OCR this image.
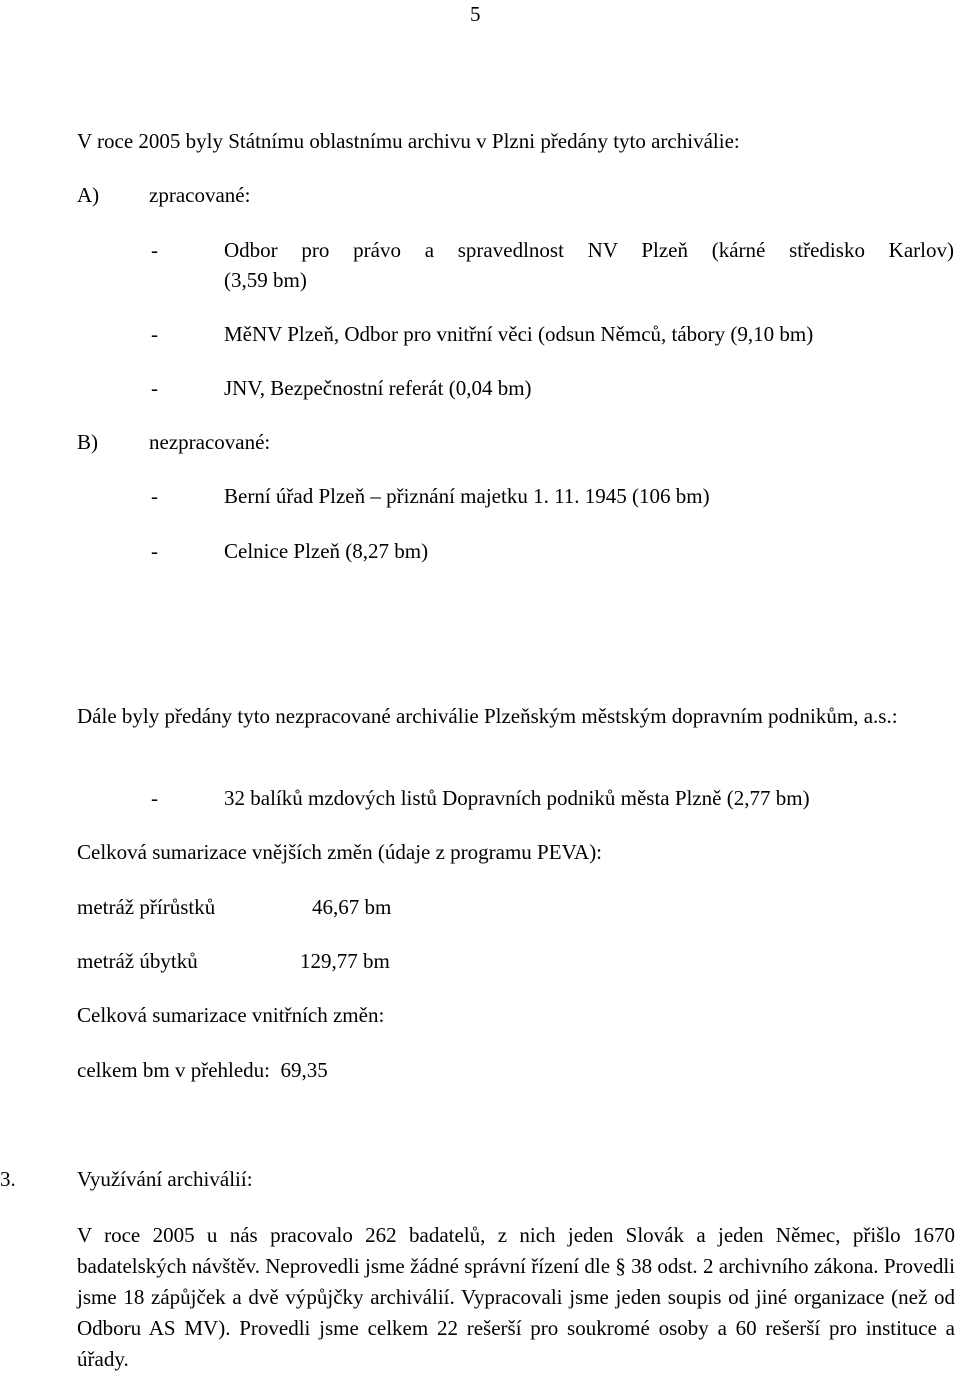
5
V roce 2005 byly Státnímu oblastnímu archivu v Plzni předány tyto archiválie:
A) zpracované:
-	Odbor pro právo a spravedlnost NV Plzeň (kárné středisko Karlov)
(3,59 bm)
-	MěNV Plzeň, Odbor pro vnitřní věci (odsun Němců, tábory (9,10 bm)
-	JNV, Bezpečnostní referát (0,04 bm)
B) nezpracované:
-	Berní úřad Plzeň – přiznání majetku 1. 11. 1945 (106 bm)
-	Celnice Plzeň (8,27 bm)
Dále byly předány tyto nezpracované archiválie Plzeňským městským dopravním podnikům, a.s.:
-	32 balíků mzdových listů Dopravních podniků města Plzně (2,77 bm)
Celková sumarizace vnějších změn (údaje z programu PEVA):
metráž přírůstků	46,67 bm
metráž úbytků	129,77 bm
Celková sumarizace vnitřních změn:
celkem bm v přehledu:  69,35
3.	Využívání archiválií:
V roce 2005 u nás pracovalo 262 badatelů, z nich jeden Slovák a jeden Němec, přišlo 1670 badatelských návštěv. Neprovedli jsme žádné správní řízení dle § 38 odst. 2 archivního zákona. Provedli jsme 18 zápůjček a dvě výpůjčky archiválií. Vypracovali jsme jeden soupis od jiné organizace (než od Odboru AS MV). Provedli jsme celkem 22 rešerší pro soukromé osoby a 60 rešerší pro instituce a úřady.
